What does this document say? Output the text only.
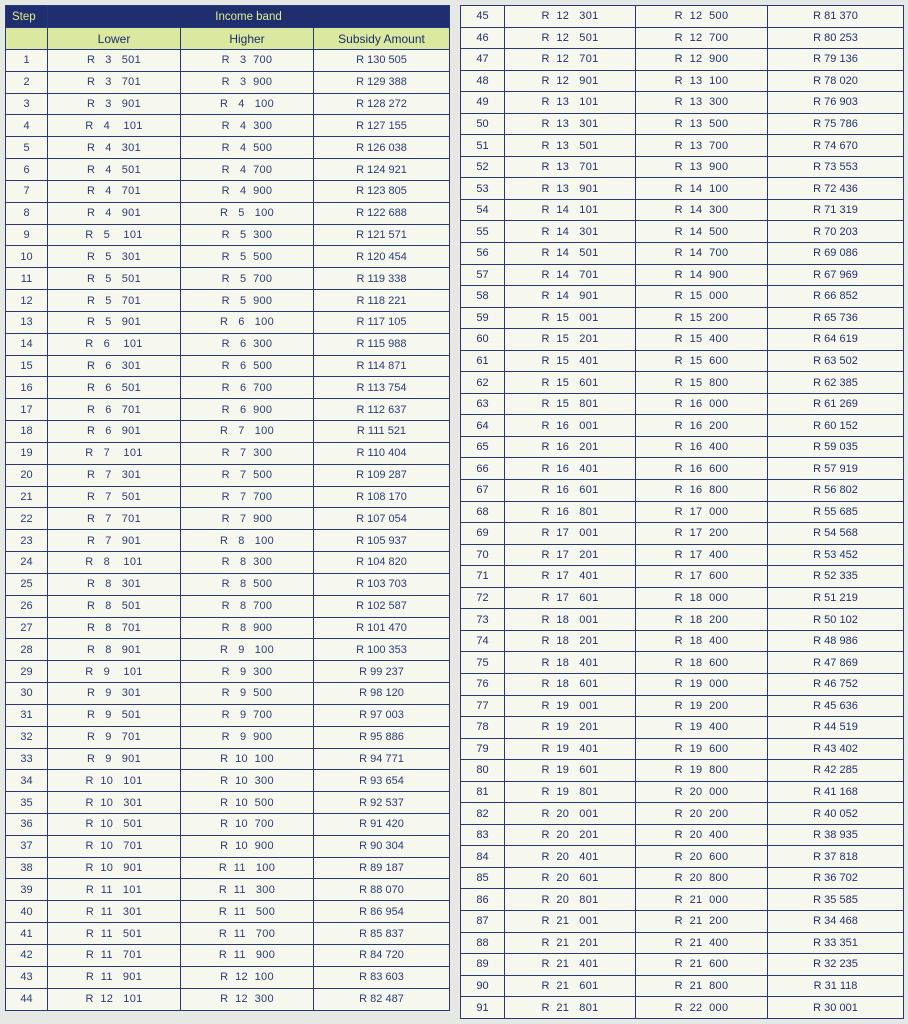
Step	Income band		
	Lower	Higher	Subsidy Amount
1	R   3   501	R   3  700	R 130 505
2	R   3   701	R   3  900	R 129 388
3	R   3   901	R   4   100	R 128 272
4	R   4    101	R   4  300	R 127 155
5	R   4   301	R   4  500	R 126 038
6	R   4   501	R   4  700	R 124 921
7	R   4   701	R   4  900	R 123 805
8	R   4   901	R   5   100	R 122 688
9	R   5    101	R   5  300	R 121 571
10	R   5   301	R   5  500	R 120 454
11	R   5   501	R   5  700	R 119 338
12	R   5   701	R   5  900	R 118 221
13	R   5   901	R   6   100	R 117 105
14	R   6    101	R   6  300	R 115 988
15	R   6   301	R   6  500	R 114 871
16	R   6   501	R   6  700	R 113 754
17	R   6   701	R   6  900	R 112 637
18	R   6   901	R   7   100	R 111 521
19	R   7    101	R   7  300	R 110 404
20	R   7   301	R   7  500	R 109 287
21	R   7   501	R   7  700	R 108 170
22	R   7   701	R   7  900	R 107 054
23	R   7   901	R   8   100	R 105 937
24	R   8    101	R   8  300	R 104 820
25	R   8   301	R   8  500	R 103 703
26	R   8   501	R   8  700	R 102 587
27	R   8   701	R   8  900	R 101 470
28	R   8   901	R   9   100	R 100 353
29	R   9    101	R   9  300	R 99 237
30	R   9   301	R   9  500	R 98 120
31	R   9   501	R   9  700	R 97 003
32	R   9   701	R   9  900	R 95 886
33	R   9   901	R  10  100	R 94 771
34	R  10   101	R  10  300	R 93 654
35	R  10   301	R  10  500	R 92 537
36	R  10   501	R  10  700	R 91 420
37	R  10   701	R  10  900	R 90 304
38	R  10   901	R  11   100	R 89 187
39	R  11   101	R  11   300	R 88 070
40	R  11   301	R  11   500	R 86 954
41	R  11   501	R  11   700	R 85 837
42	R  11   701	R  11   900	R 84 720
43	R  11   901	R  12  100	R 83 603
44	R  12   101	R  12  300	R 82 487
45	R  12   301	R  12  500	R 81 370
46	R  12   501	R  12  700	R 80 253
47	R  12   701	R  12  900	R 79 136
48	R  12   901	R  13  100	R 78 020
49	R  13   101	R  13  300	R 76 903
50	R  13   301	R  13  500	R 75 786
51	R  13   501	R  13  700	R 74 670
52	R  13   701	R  13  900	R 73 553
53	R  13   901	R  14  100	R 72 436
54	R  14   101	R  14  300	R 71 319
55	R  14   301	R  14  500	R 70 203
56	R  14   501	R  14  700	R 69 086
57	R  14   701	R  14  900	R 67 969
58	R  14   901	R  15  000	R 66 852
59	R  15   001	R  15  200	R 65 736
60	R  15   201	R  15  400	R 64 619
61	R  15   401	R  15  600	R 63 502
62	R  15   601	R  15  800	R 62 385
63	R  15   801	R  16  000	R 61 269
64	R  16   001	R  16  200	R 60 152
65	R  16   201	R  16  400	R 59 035
66	R  16   401	R  16  600	R 57 919
67	R  16   601	R  16  800	R 56 802
68	R  16   801	R  17  000	R 55 685
69	R  17   001	R  17  200	R 54 568
70	R  17   201	R  17  400	R 53 452
71	R  17   401	R  17  600	R 52 335
72	R  17   601	R  18  000	R 51 219
73	R  18   001	R  18  200	R 50 102
74	R  18   201	R  18  400	R 48 986
75	R  18   401	R  18  600	R 47 869
76	R  18   601	R  19  000	R 46 752
77	R  19   001	R  19  200	R 45 636
78	R  19   201	R  19  400	R 44 519
79	R  19   401	R  19  600	R 43 402
80	R  19   601	R  19  800	R 42 285
81	R  19   801	R  20  000	R 41 168
82	R  20   001	R  20  200	R 40 052
83	R  20   201	R  20  400	R 38 935
84	R  20   401	R  20  600	R 37 818
85	R  20   601	R  20  800	R 36 702
86	R  20   801	R  21  000	R 35 585
87	R  21   001	R  21  200	R 34 468
88	R  21   201	R  21  400	R 33 351
89	R  21   401	R  21  600	R 32 235
90	R  21   601	R  21  800	R 31 118
91	R  21   801	R  22  000	R 30 001
